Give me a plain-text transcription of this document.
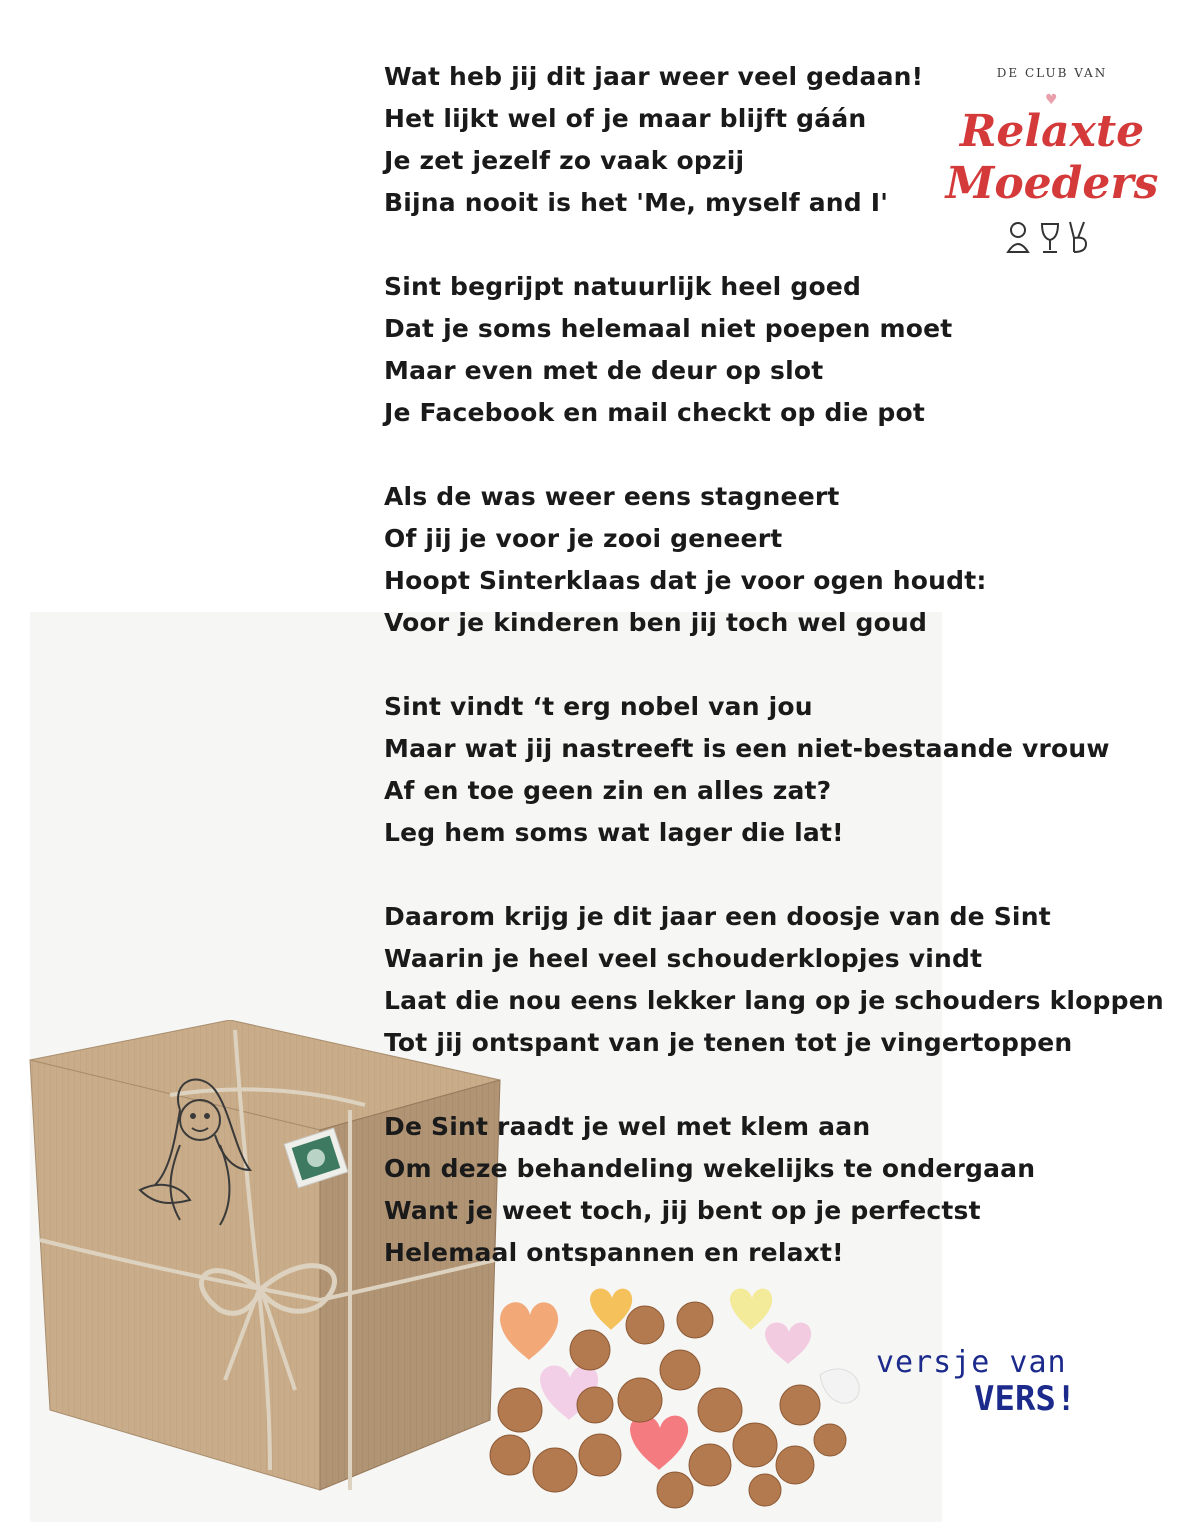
DE CLUB VAN
♥
Relaxte
Moeders
Wat heb jij dit jaar weer veel gedaan!
Het lijkt wel of je maar blijft gáán
Je zet jezelf zo vaak opzij
Bijna nooit is het 'Me, myself and I'
Sint begrijpt natuurlijk heel goed
Dat je soms helemaal niet poepen moet
Maar even met de deur op slot
Je Facebook en mail checkt op die pot
Als de was weer eens stagneert
Of jij je voor je zooi geneert
Hoopt Sinterklaas dat je voor ogen houdt:
Voor je kinderen ben jij toch wel goud
Sint vindt ‘t erg nobel van jou
Maar wat jij nastreeft is een niet-bestaande vrouw
Af en toe geen zin en alles zat?
Leg hem soms wat lager die lat!
Daarom krijg je dit jaar een doosje van de Sint
Waarin je heel veel schouderklopjes vindt
Laat die nou eens lekker lang op je schouders kloppen
Tot jij ontspant van je tenen tot je vingertoppen
De Sint raadt je wel met klem aan
Om deze behandeling wekelijks te ondergaan
Want je weet toch, jij bent op je perfectst
Helemaal ontspannen en relaxt!
versje van
VERS!
